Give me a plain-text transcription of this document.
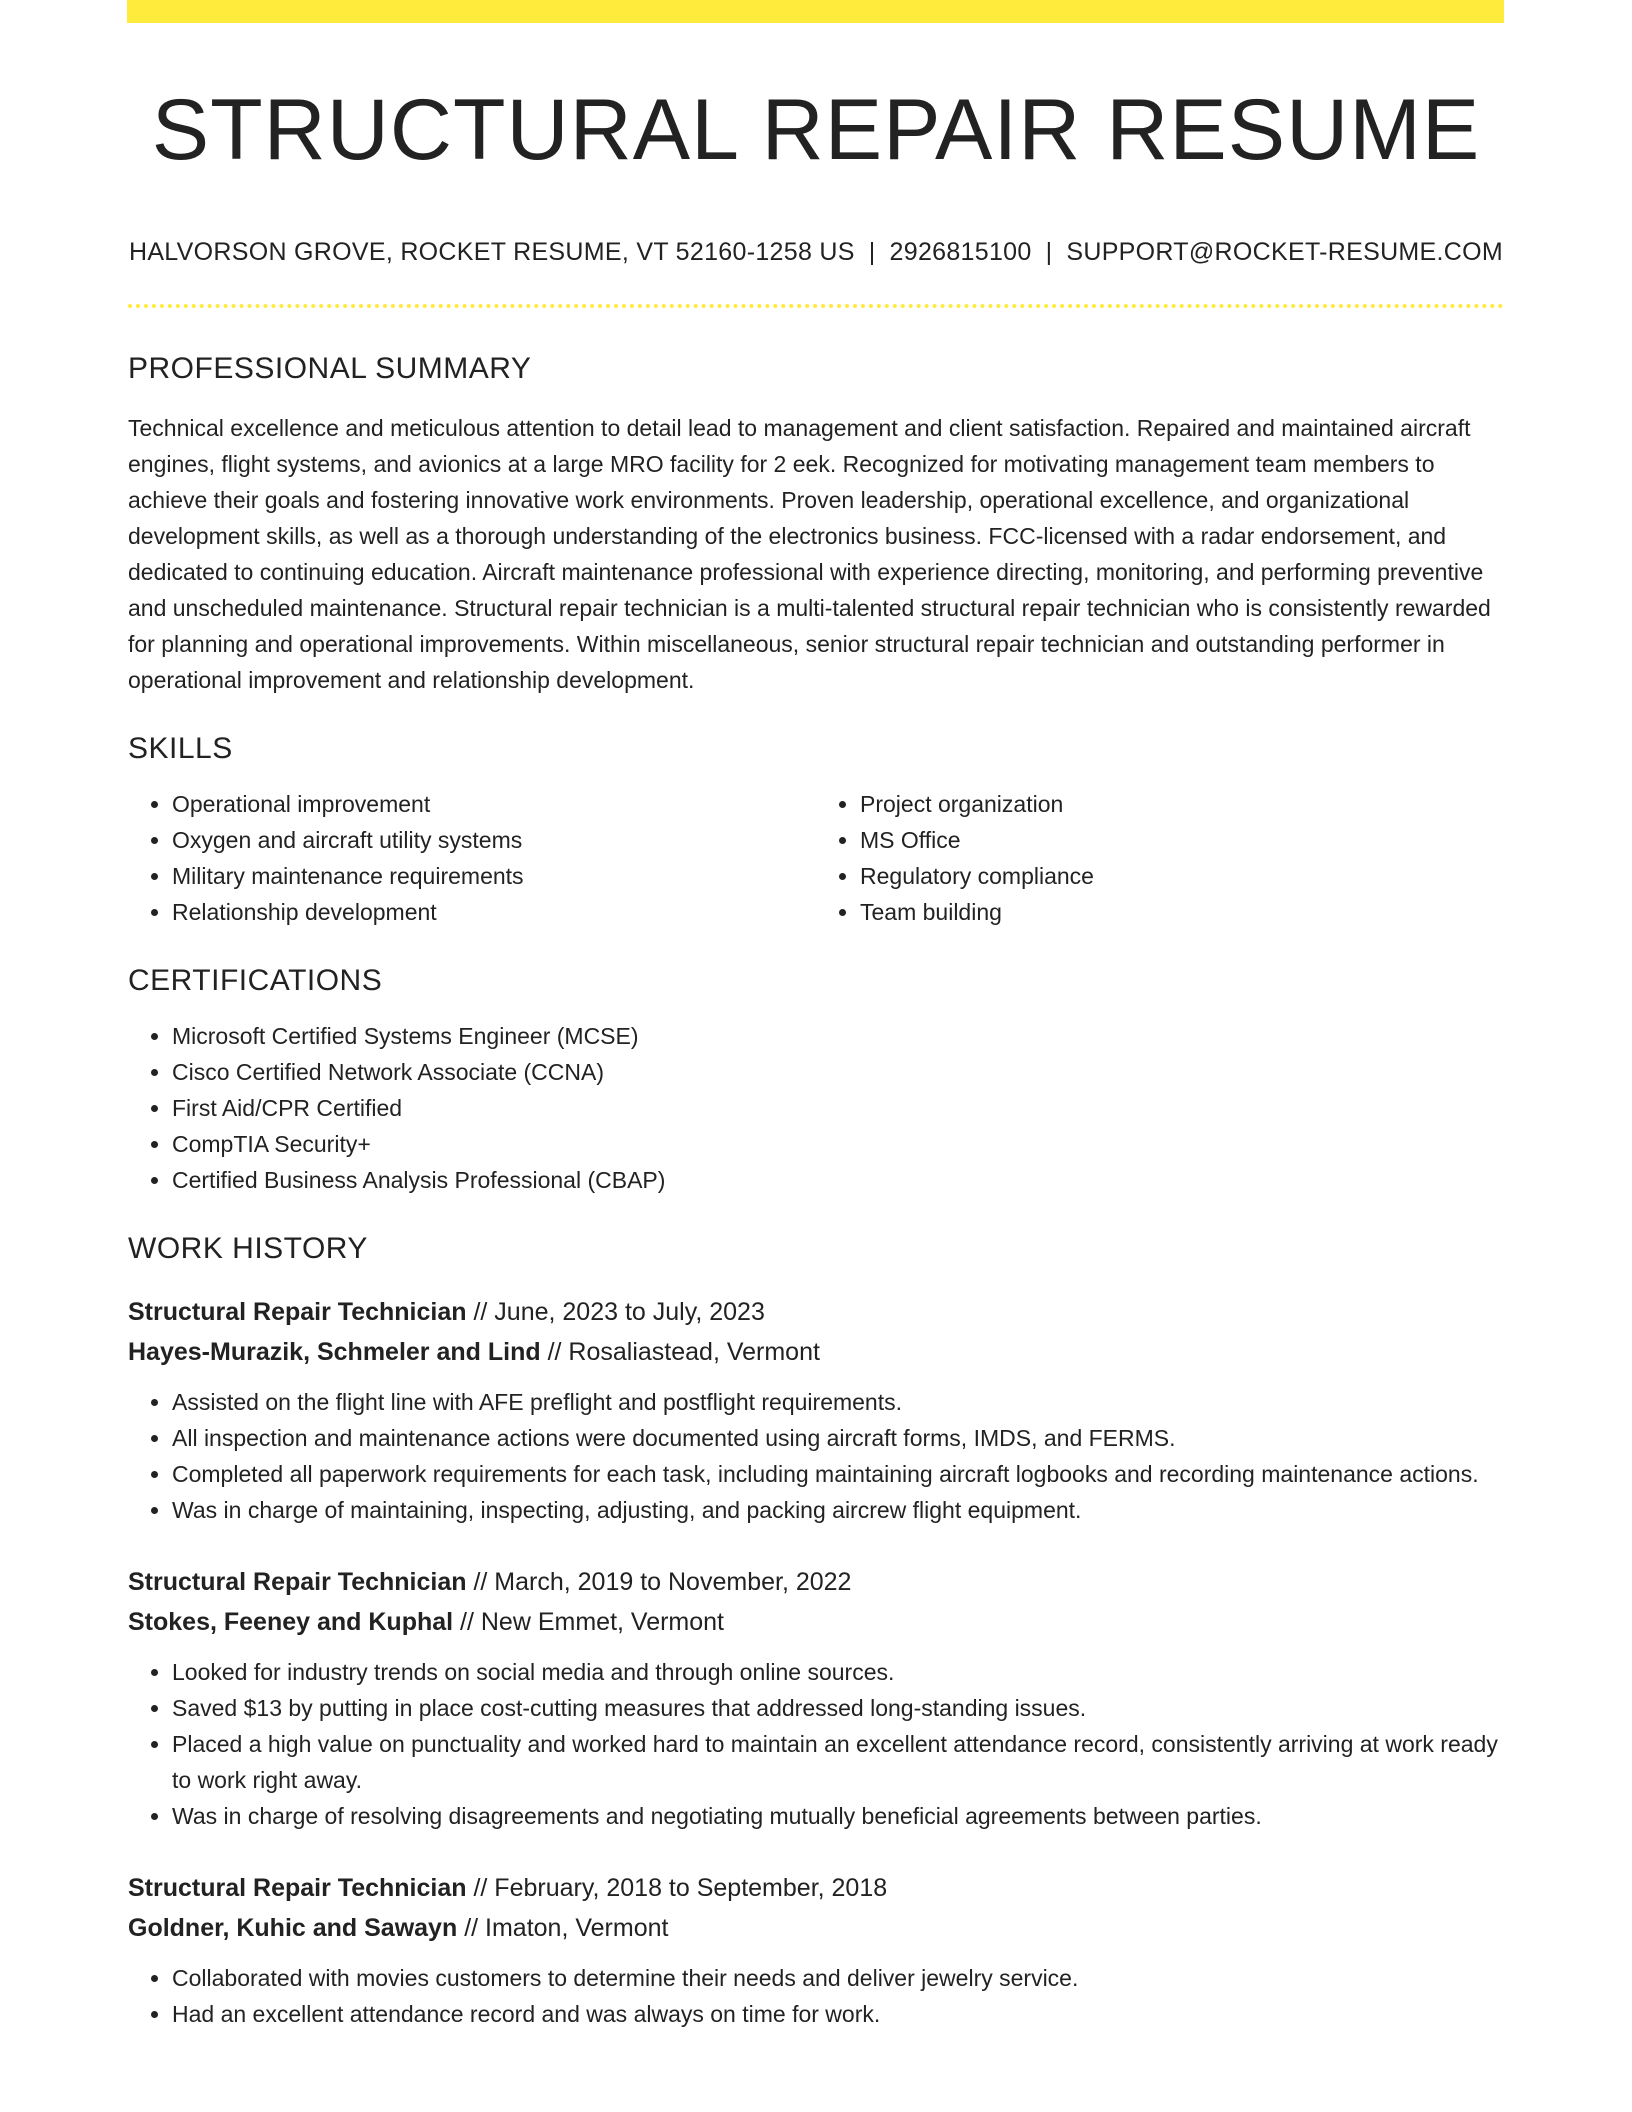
STRUCTURAL REPAIR RESUME
HALVORSON GROVE, ROCKET RESUME, VT 52160-1258 US | 2926815100 | SUPPORT@ROCKET-RESUME.COM
PROFESSIONAL SUMMARY

Technical excellence and meticulous attention to detail lead to management and client satisfaction. Repaired and maintained aircraft engines, flight systems, and avionics at a large MRO facility for 2 eek. Recognized for motivating management team members to achieve their goals and fostering innovative work environments. Proven leadership, operational excellence, and organizational development skills, as well as a thorough understanding of the electronics business. FCC-licensed with a radar endorsement, and dedicated to continuing education. Aircraft maintenance professional with experience directing, monitoring, and performing preventive and unscheduled maintenance. Structural repair technician is a multi-talented structural repair technician who is consistently rewarded for planning and operational improvements. Within miscellaneous, senior structural repair technician and outstanding performer in operational improvement and relationship development.

SKILLS
• Operational improvement
• Oxygen and aircraft utility systems
• Military maintenance requirements
• Relationship development
• Project organization
• MS Office
• Regulatory compliance
• Team building
CERTIFICATIONS
• Microsoft Certified Systems Engineer (MCSE)
• Cisco Certified Network Associate (CCNA)
• First Aid/CPR Certified
• CompTIA Security+
• Certified Business Analysis Professional (CBAP)
WORK HISTORY
Structural Repair Technician // June, 2023 to July, 2023
Hayes-Murazik, Schmeler and Lind // Rosaliastead, Vermont
• Assisted on the flight line with AFE preflight and postflight requirements.
• All inspection and maintenance actions were documented using aircraft forms, IMDS, and FERMS.
• Completed all paperwork requirements for each task, including maintaining aircraft logbooks and recording maintenance actions.
• Was in charge of maintaining, inspecting, adjusting, and packing aircrew flight equipment.
Structural Repair Technician // March, 2019 to November, 2022
Stokes, Feeney and Kuphal // New Emmet, Vermont
• Looked for industry trends on social media and through online sources.
• Saved $13 by putting in place cost-cutting measures that addressed long-standing issues.
• Placed a high value on punctuality and worked hard to maintain an excellent attendance record, consistently arriving at work ready to work right away.
• Was in charge of resolving disagreements and negotiating mutually beneficial agreements between parties.
Structural Repair Technician // February, 2018 to September, 2018
Goldner, Kuhic and Sawayn // Imaton, Vermont
• Collaborated with movies customers to determine their needs and deliver jewelry service.
• Had an excellent attendance record and was always on time for work.
